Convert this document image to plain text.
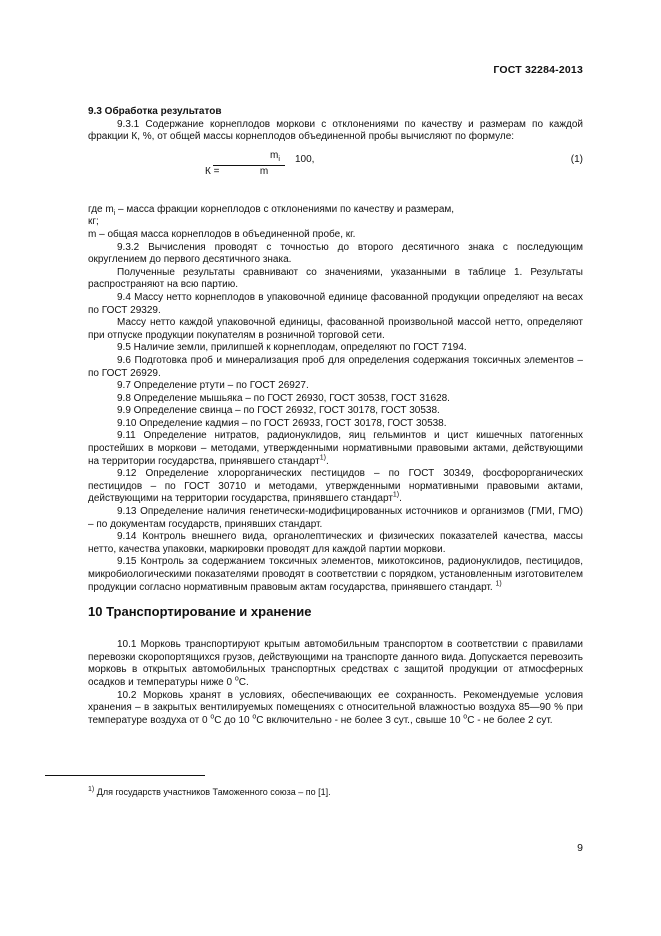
ГОСТ 32284-2013

9.3 Обработка результатов

9.3.1 Содержание корнеплодов моркови с отклонениями по качеству и размерам по каждой фракции К, %, от общей массы корнеплодов объединенной пробы вычисляют по формуле:

$m_i$
К =	m
100,	(1)

где $m_i$ – масса фракции корнеплодов с отклонениями по качеству и размерам,

кг;

m – общая масса корнеплодов в объединенной пробе, кг.

9.3.2 Вычисления проводят с точностью до второго десятичного знака с последующим округлением до первого десятичного знака.

Полученные результаты сравнивают со значениями, указанными в таблице 1. Результаты распространяют на всю партию.

9.4 Массу нетто корнеплодов в упаковочной единице фасованной продукции определяют на весах по ГОСТ 29329.

Массу нетто каждой упаковочной единицы, фасованной произвольной массой нетто, определяют при отпуске продукции покупателям в розничной торговой сети.

9.5 Наличие земли, прилипшей к корнеплодам, определяют по ГОСТ 7194.

9.6 Подготовка проб и минерализация проб для определения содержания токсичных элементов – по ГОСТ 26929.

9.7 Определение ртути – по ГОСТ 26927.

9.8 Определение мышьяка – по ГОСТ 26930, ГОСТ 30538, ГОСТ 31628.

9.9 Определение свинца – по ГОСТ 26932, ГОСТ 30178, ГОСТ 30538.

9.10 Определение кадмия – по ГОСТ 26933, ГОСТ 30178, ГОСТ 30538.

9.11 Определение нитратов, радионуклидов, яиц гельминтов и цист кишечных патогенных простейших в моркови – методами, утвержденными нормативными правовыми актами, действующими на территории государства, принявшего стандарт$^{1)}$.

9.12 Определение хлорорганических пестицидов – по ГОСТ 30349, фосфорорганических пестицидов – по ГОСТ 30710 и методами, утвержденными нормативными правовыми актами, действующими на территории государства, принявшего стандарт$^{1)}$.

9.13 Определение наличия генетически-модифицированных источников и организмов (ГМИ, ГМО) – по документам государств, принявших стандарт.

9.14 Контроль внешнего вида, органолептических и физических показателей качества, массы нетто, качества упаковки, маркировки проводят для каждой партии моркови.

9.15 Контроль за содержанием токсичных элементов, микотоксинов, радионуклидов, пестицидов, микробиологическими показателями проводят в соответствии с порядком, установленным изготовителем продукции согласно нормативным правовым актам государства, принявшего стандарт. $^{1)}$

10 Транспортирование и хранение

10.1 Морковь транспортируют крытым автомобильным транспортом в соответствии с правилами перевозки скоропортящихся грузов, действующими на транспорте данного вида. Допускается перевозить морковь в открытых автомобильных транспортных средствах с защитой продукции от атмосферных осадков и температуры ниже 0 $^о$С.

10.2 Морковь хранят в условиях, обеспечивающих ее сохранность. Рекомендуемые условия хранения – в закрытых вентилируемых помещениях с относительной влажностью воздуха 85—90 % при температуре воздуха от 0 $^о$С до 10 $^о$С включительно - не более 3 сут., свыше 10 $^о$С - не более 2 сут.

$^{1)}$ Для государств участников Таможенного союза – по [1].
9
